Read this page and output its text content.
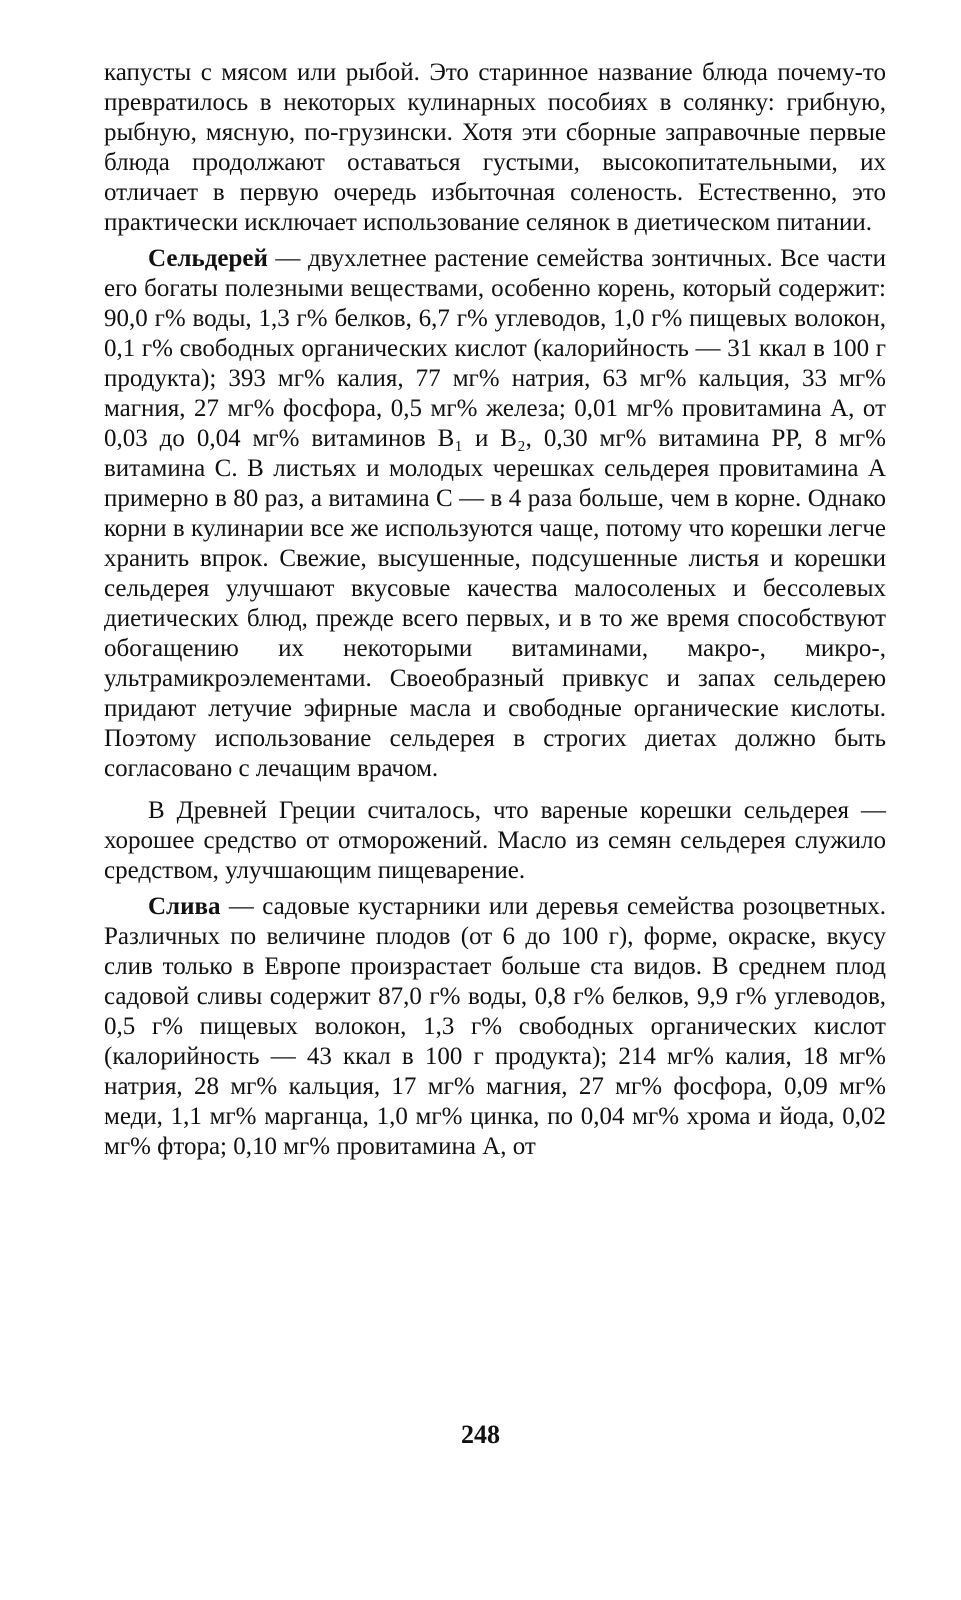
капусты с мясом или рыбой. Это старинное название блюда почему-то превратилось в некоторых кулинарных пособиях в солянку: грибную, рыбную, мясную, по-грузински. Хотя эти сборные заправочные первые блюда продолжают оставаться густыми, высокопитательными, их отличает в первую очередь избыточная соленость. Естественно, это практически исключает использование селянок в диетическом питании.

Сельдерей — двухлетнее растение семейства зонтичных. Все части его богаты полезными веществами, особенно корень, который содержит: 90,0 г% воды, 1,3 г% белков, 6,7 г% углеводов, 1,0 г% пищевых волокон, 0,1 г% свободных органических кислот (калорийность — 31 ккал в 100 г продукта); 393 мг% калия, 77 мг% натрия, 63 мг% кальция, 33 мг% магния, 27 мг% фосфора, 0,5 мг% железа; 0,01 мг% провитамина А, от 0,03 до 0,04 мг% витаминов B₁ и B₂, 0,30 мг% витамина PP, 8 мг% витамина С. В листьях и молодых черешках сельдерея провитамина А примерно в 80 раз, а витамина С — в 4 раза больше, чем в корне. Однако корни в кулинарии все же используются чаще, потому что корешки легче хранить впрок. Свежие, высушенные, подсушенные листья и корешки сельдерея улучшают вкусовые качества малосоленых и бессолевых диетических блюд, прежде всего первых, и в то же время способствуют обогащению их некоторыми витаминами, макро-, микро-, ультрамикроэлементами. Своеобразный привкус и запах сельдерею придают летучие эфирные масла и свободные органические кислоты. Поэтому использование сельдерея в строгих диетах должно быть согласовано с лечащим врачом.

В Древней Греции считалось, что вареные корешки сельдерея — хорошее средство от отморожений. Масло из семян сельдерея служило средством, улучшающим пищеварение.

Слива — садовые кустарники или деревья семейства розоцветных. Различных по величине плодов (от 6 до 100 г), форме, окраске, вкусу слив только в Европе произрастает больше ста видов. В среднем плод садовой сливы содержит 87,0 г% воды, 0,8 г% белков, 9,9 г% углеводов, 0,5 г% пищевых волокон, 1,3 г% свободных органических кислот (калорийность — 43 ккал в 100 г продукта); 214 мг% калия, 18 мг% натрия, 28 мг% кальция, 17 мг% магния, 27 мг% фосфора, 0,09 мг% меди, 1,1 мг% марганца, 1,0 мг% цинка, по 0,04 мг% хрома и йода, 0,02 мг% фтора; 0,10 мг% провитамина А, от

248
